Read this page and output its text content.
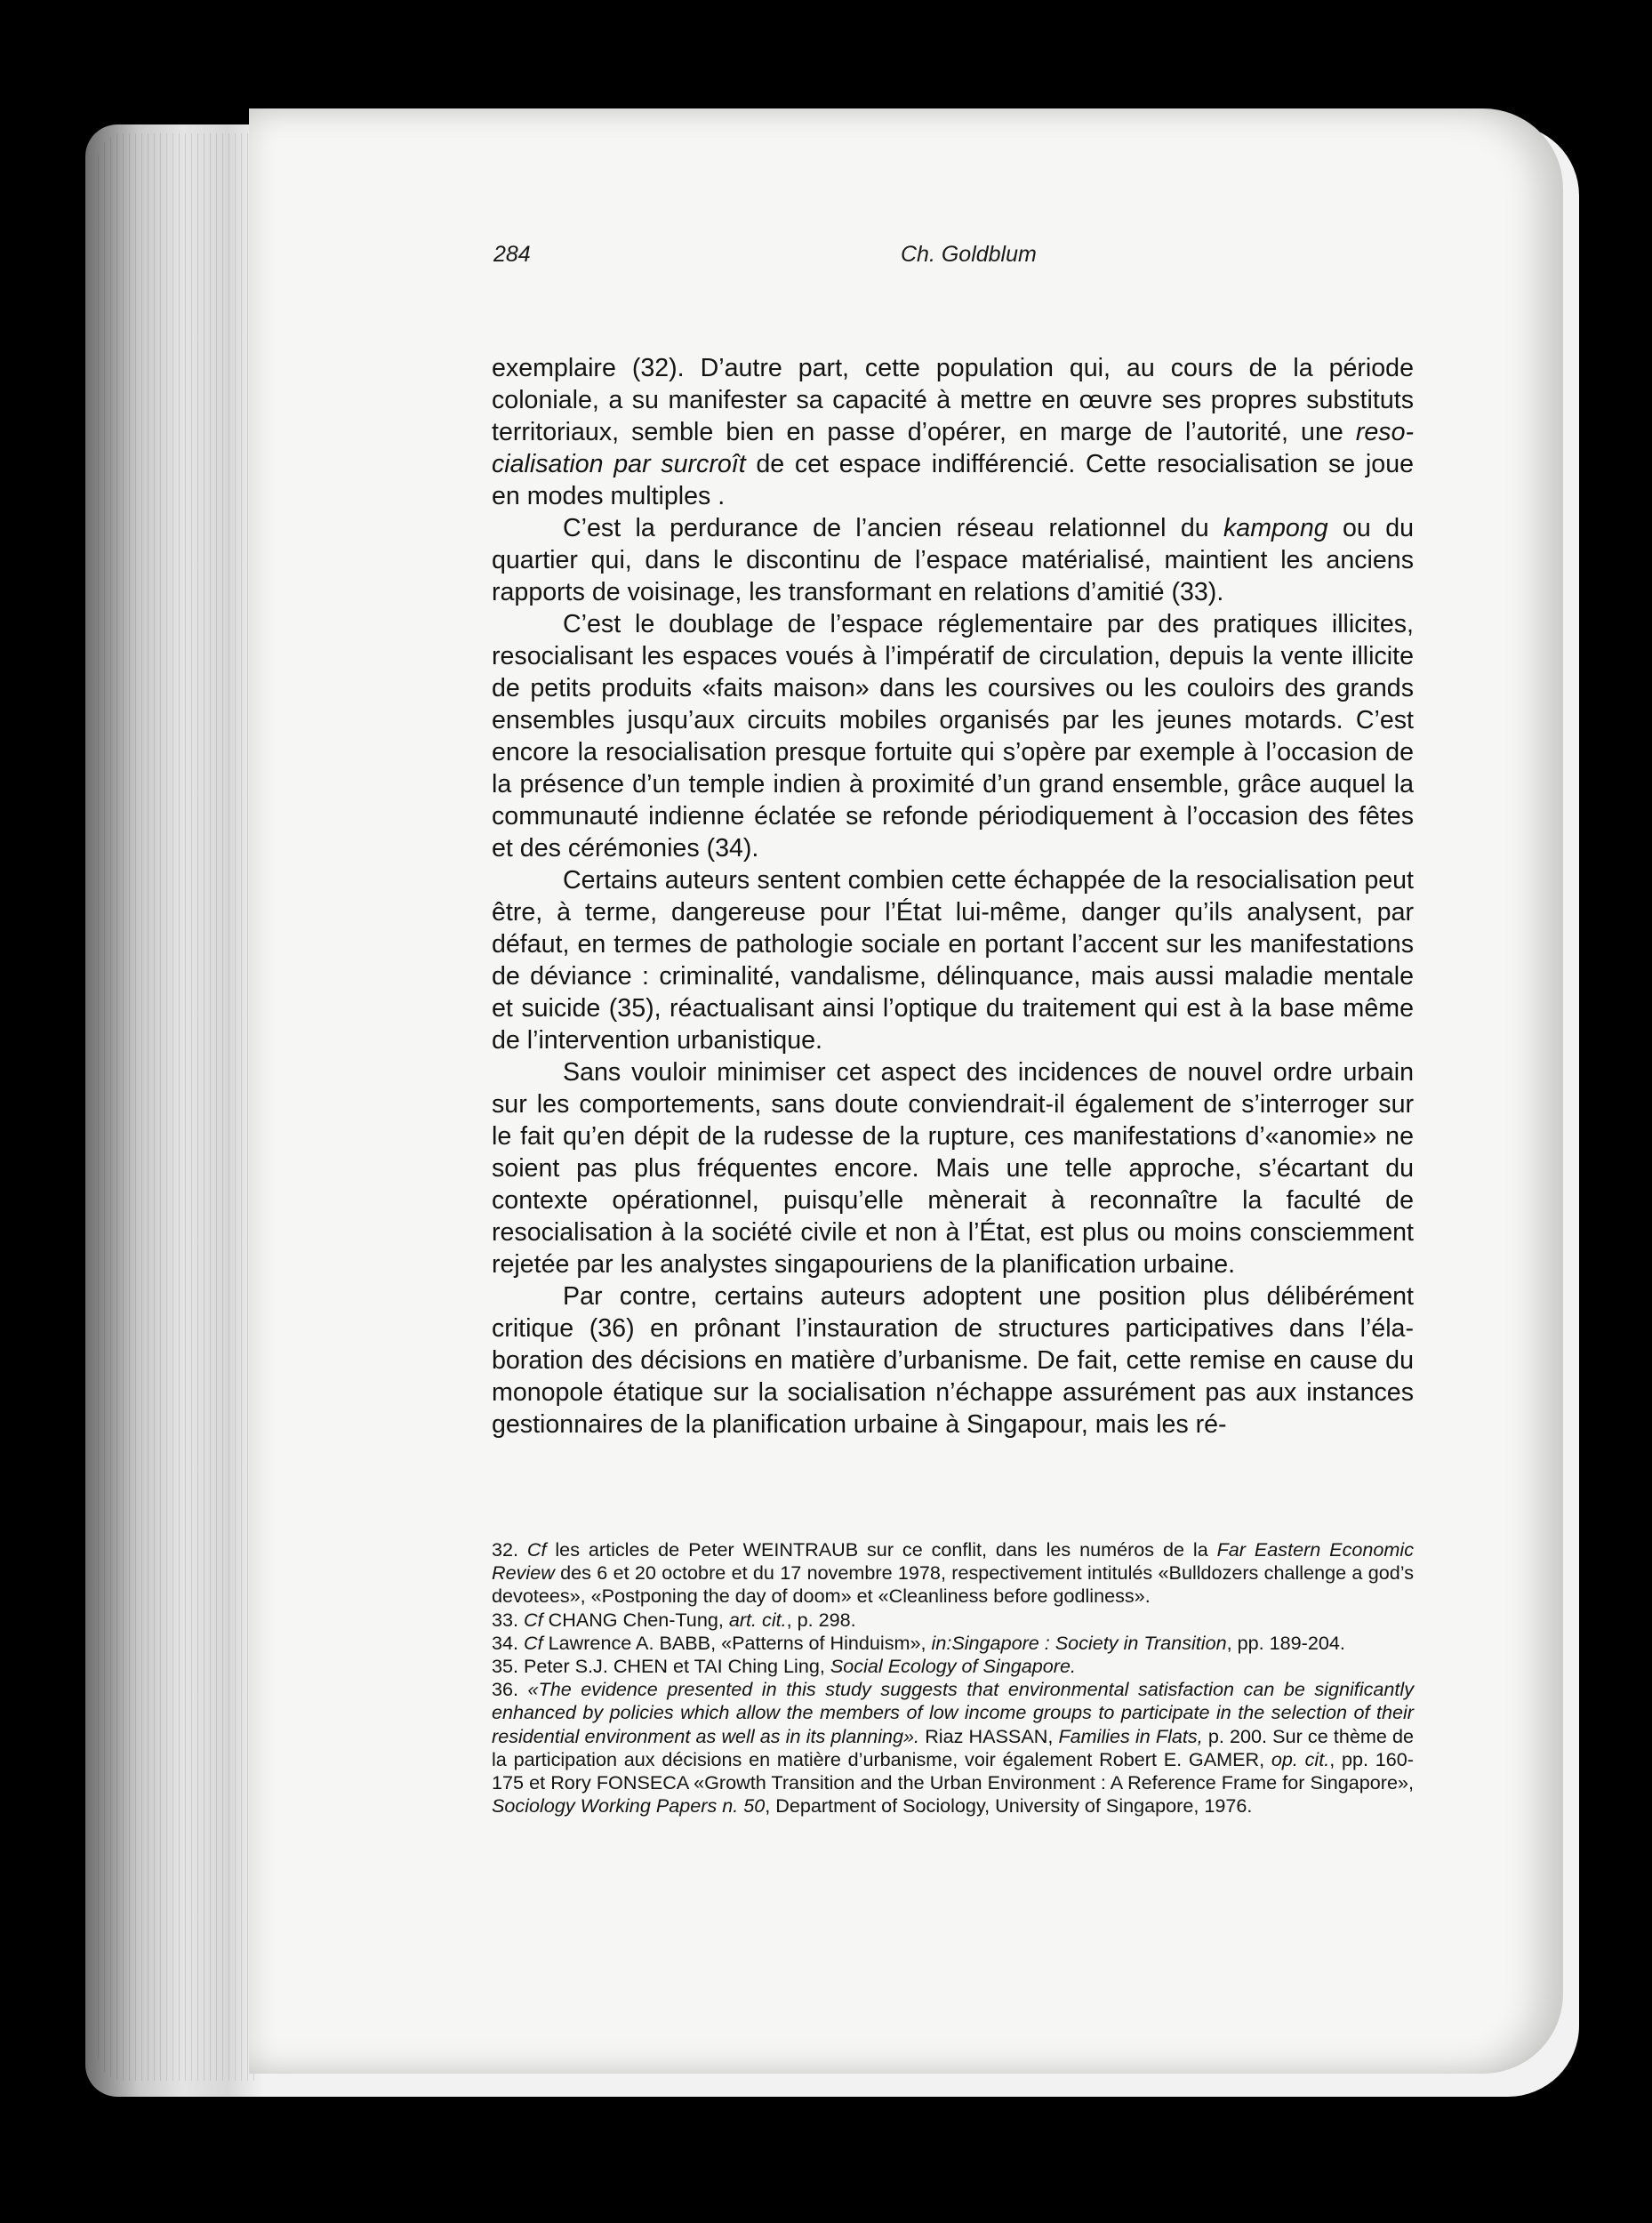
284	Ch. Goldblum

exemplaire (32). D’autre part, cette population qui, au cours de la période coloniale, a su manifester sa capacité à mettre en œuvre ses propres substituts territoriaux, semble bien en passe d’opérer, en marge de l’autorité, une resocialisation par surcroît de cet espace indifférencié. Cette resocialisation se joue en modes multiples .

C’est la perdurance de l’ancien réseau relationnel du kampong ou du quartier qui, dans le discontinu de l’espace matérialisé, maintient les anciens rapports de voisinage, les transformant en relations d’amitié (33).

C’est le doublage de l’espace réglementaire par des pratiques illicites, resocialisant les espaces voués à l’impératif de circulation, depuis la vente illicite de petits produits «faits maison» dans les coursives ou les couloirs des grands ensembles jusqu’aux circuits mobiles organisés par les jeunes motards. C’est encore la resocialisation presque fortuite qui s’opère par exemple à l’occasion de la présence d’un temple indien à proximité d’un grand ensemble, grâce auquel la communauté indienne éclatée se refonde périodiquement à l’occasion des fêtes et des cérémonies (34).

Certains auteurs sentent combien cette échappée de la resocialisation peut être, à terme, dangereuse pour l’État lui-même, danger qu’ils analysent, par défaut, en termes de pathologie sociale en portant l’accent sur les manifestations de déviance : criminalité, vandalisme, délinquance, mais aussi maladie mentale et suicide (35), réactualisant ainsi l’optique du traitement qui est à la base même de l’intervention urbanistique.

Sans vouloir minimiser cet aspect des incidences de nouvel ordre urbain sur les comportements, sans doute conviendrait-il également de s’interroger sur le fait qu’en dépit de la rudesse de la rupture, ces manifestations d’«anomie» ne soient pas plus fréquentes encore. Mais une telle approche, s’écartant du contexte opérationnel, puisqu’elle mènerait à reconnaître la faculté de resocialisation à la société civile et non à l’État, est plus ou moins consciemment rejetée par les analystes singapouriens de la planification urbaine.

Par contre, certains auteurs adoptent une position plus délibérément critique (36) en prônant l’instauration de structures participatives dans l’élaboration des décisions en matière d’urbanisme. De fait, cette remise en cause du monopole étatique sur la socialisation n’échappe assurément pas aux instances gestionnaires de la planification urbaine à Singapour, mais les ré-

32. Cf les articles de Peter WEINTRAUB sur ce conflit, dans les numéros de la Far Eastern Economic Review des 6 et 20 octobre et du 17 novembre 1978, respectivement intitulés «Bulldozers challenge a god’s devotees», «Postponing the day of doom» et «Cleanliness before godliness».

33. Cf CHANG Chen-Tung, art. cit., p. 298.

34. Cf Lawrence A. BABB, «Patterns of Hinduism», in:Singapore : Society in Transition, pp. 189-204.

35. Peter S.J. CHEN et TAI Ching Ling, Social Ecology of Singapore.

36. «The evidence presented in this study suggests that environmental satisfaction can be significantly enhanced by policies which allow the members of low income groups to participate in the selection of their residential environment as well as in its planning». Riaz HASSAN, Families in Flats, p. 200. Sur ce thème de la participation aux décisions en matière d’urbanisme, voir également Robert E. GAMER, op. cit., pp. 160-175 et Rory FONSECA «Growth Transition and the Urban Environment : A Reference Frame for Singapore», Sociology Working Papers n. 50, Department of Sociology, University of Singapore, 1976.
